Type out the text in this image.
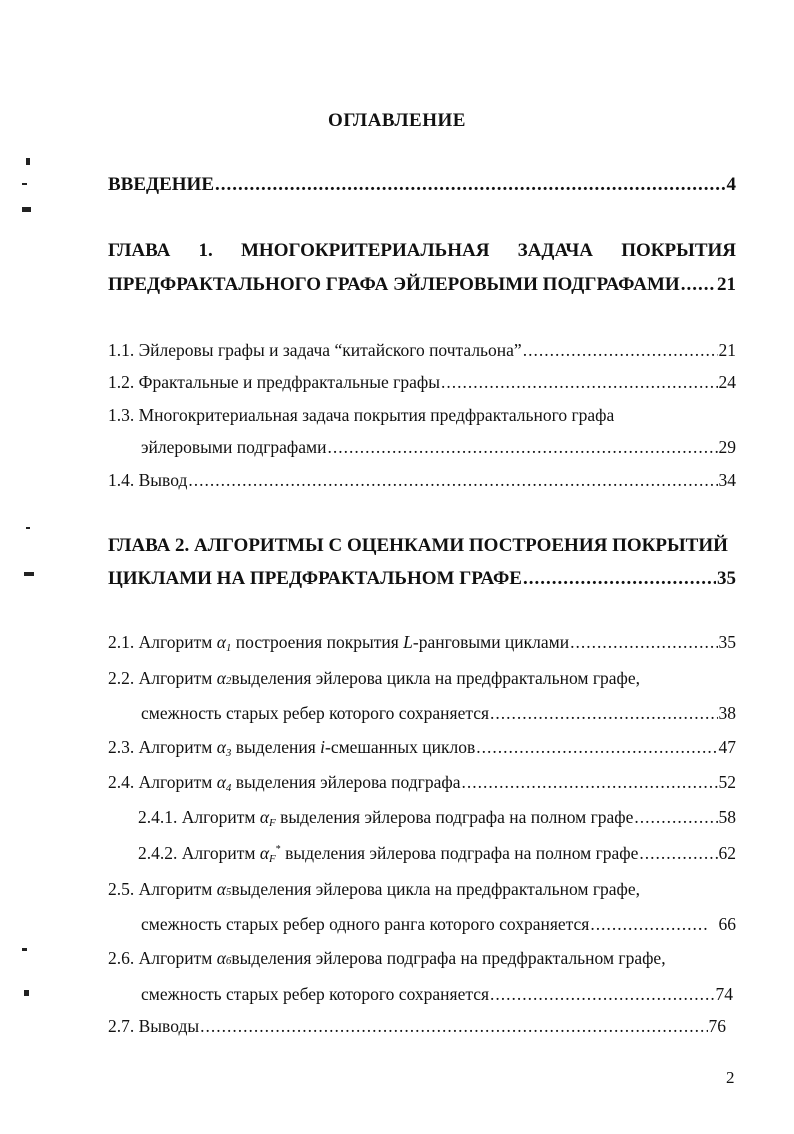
ОГЛАВЛЕНИЕ
ВВЕДЕНИЕ .....	4
ГЛАВА 1. МНОГОКРИТЕРИАЛЬНАЯ ЗАДАЧА ПОКРЫТИЯ
ПРЕДФРАКТАЛЬНОГО ГРАФА ЭЙЛЕРОВЫМИ ПОДГРАФАМИ ..... 21
1.1. Эйлеровы графы и задача “китайского почтальона” .....	21
1.2. Фрактальные и предфрактальные графы .....	24
1.3. Многокритериальная задача покрытия предфрактального графа
эйлеровыми подграфами .....	29
1.4. Вывод .....	34
ГЛАВА 2. АЛГОРИТМЫ С ОЦЕНКАМИ ПОСТРОЕНИЯ ПОКРЫТИЙ
ЦИКЛАМИ НА ПРЕДФРАКТАЛЬНОМ ГРАФЕ .....	35
2.1. Алгоритм $\alpha_1$ построения покрытия L-ранговыми циклами .....	35
2.2. Алгоритм
α 2 выделения эйлерова цикла на предфрактальном графе,
смежность старых ребер которого сохраняется .....	38
2.3. Алгоритм $\alpha_3$ выделения i-смешанных циклов .....	47
2.4. Алгоритм $\alpha_4$ выделения эйлерова подграфа .....	52
2.4.1. Алгоритм $\alpha_F$ выделения эйлерова подграфа на полном графе .....	58
2.4.2. Алгоритм $\alpha_F^*$ выделения эйлерова подграфа на полном графе .....	62
2.5. Алгоритм
α 5 выделения эйлерова цикла на предфрактальном графе,
смежность старых ребер одного ранга которого сохраняется .....	66
2.6. Алгоритм
α 6 выделения эйлерова подграфа на предфрактальном графе,
смежность старых ребер которого сохраняется .....	74
2.7. Выводы .....	76
2
